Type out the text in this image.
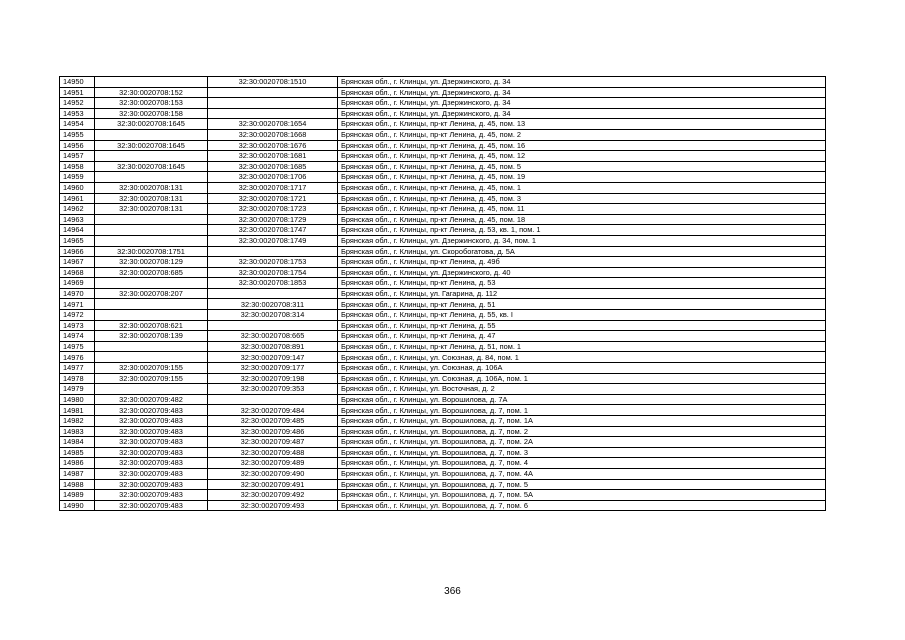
14950		32:30:0020708:1510	Брянская обл., г. Клинцы, ул. Дзержинского, д. 34
14951	32:30:0020708:152		Брянская обл., г. Клинцы, ул. Дзержинского, д. 34
14952	32:30:0020708:153		Брянская обл., г. Клинцы, ул. Дзержинского, д. 34
14953	32:30:0020708:158		Брянская обл., г. Клинцы, ул. Дзержинского, д. 34
14954	32:30:0020708:1645	32:30:0020708:1654	Брянская обл., г. Клинцы, пр-кт Ленина, д. 45, пом. 13
14955		32:30:0020708:1668	Брянская обл., г. Клинцы, пр-кт Ленина, д. 45, пом. 2
14956	32:30:0020708:1645	32:30:0020708:1676	Брянская обл., г. Клинцы, пр-кт Ленина, д. 45, пом. 16
14957		32:30:0020708:1681	Брянская обл., г. Клинцы, пр-кт Ленина, д. 45, пом. 12
14958	32:30:0020708:1645	32:30:0020708:1685	Брянская обл., г. Клинцы, пр-кт Ленина, д. 45, пом. 5
14959		32:30:0020708:1706	Брянская обл., г. Клинцы, пр-кт Ленина, д. 45, пом. 19
14960	32:30:0020708:131	32:30:0020708:1717	Брянская обл., г. Клинцы, пр-кт Ленина, д. 45, пом. 1
14961	32:30:0020708:131	32:30:0020708:1721	Брянская обл., г. Клинцы, пр-кт Ленина, д. 45, пом. 3
14962	32:30:0020708:131	32:30:0020708:1723	Брянская обл., г. Клинцы, пр-кт Ленина, д. 45, пом. 11
14963		32:30:0020708:1729	Брянская обл., г. Клинцы, пр-кт Ленина, д. 45, пом. 18
14964		32:30:0020708:1747	Брянская обл., г. Клинцы, пр-кт Ленина, д. 53, кв. 1, пом. 1
14965		32:30:0020708:1749	Брянская обл., г. Клинцы, ул. Дзержинского, д. 34, пом. 1
14966	32:30:0020708:1751		Брянская обл., г. Клинцы, ул. Скоробогатова, д. 5А
14967	32:30:0020708:129	32:30:0020708:1753	Брянская обл., г. Клинцы, пр-кт Ленина, д. 49б
14968	32:30:0020708:685	32:30:0020708:1754	Брянская обл., г. Клинцы, ул. Дзержинского, д. 40
14969		32:30:0020708:1853	Брянская обл., г. Клинцы, пр-кт Ленина, д. 53
14970	32:30:0020708:207		Брянская обл., г. Клинцы, ул. Гагарина, д. 112
14971		32:30:0020708:311	Брянская обл., г. Клинцы, пр-кт Ленина, д. 51
14972		32:30:0020708:314	Брянская обл., г. Клинцы, пр-кт Ленина, д. 55, кв. I
14973	32:30:0020708:621		Брянская обл., г. Клинцы, пр-кт Ленина, д. 55
14974	32:30:0020708:139	32:30:0020708:665	Брянская обл., г. Клинцы, пр-кт Ленина, д. 47
14975		32:30:0020708:891	Брянская обл., г. Клинцы, пр-кт Ленина, д. 51, пом. 1
14976		32:30:0020709:147	Брянская обл., г. Клинцы, ул. Союзная, д. 84, пом. 1
14977	32:30:0020709:155	32:30:0020709:177	Брянская обл., г. Клинцы, ул. Союзная, д. 106А
14978	32:30:0020709:155	32:30:0020709:198	Брянская обл., г. Клинцы, ул. Союзная, д. 106А, пом. 1
14979		32:30:0020709:353	Брянская обл., г. Клинцы, ул. Восточная, д. 2
14980	32:30:0020709:482		Брянская обл., г. Клинцы, ул. Ворошилова, д. 7А
14981	32:30:0020709:483	32:30:0020709:484	Брянская обл., г. Клинцы, ул. Ворошилова, д. 7, пом. 1
14982	32:30:0020709:483	32:30:0020709:485	Брянская обл., г. Клинцы, ул. Ворошилова, д. 7, пом. 1А
14983	32:30:0020709:483	32:30:0020709:486	Брянская обл., г. Клинцы, ул. Ворошилова, д. 7, пом. 2
14984	32:30:0020709:483	32:30:0020709:487	Брянская обл., г. Клинцы, ул. Ворошилова, д. 7, пом. 2А
14985	32:30:0020709:483	32:30:0020709:488	Брянская обл., г. Клинцы, ул. Ворошилова, д. 7, пом. 3
14986	32:30:0020709:483	32:30:0020709:489	Брянская обл., г. Клинцы, ул. Ворошилова, д. 7, пом. 4
14987	32:30:0020709:483	32:30:0020709:490	Брянская обл., г. Клинцы, ул. Ворошилова, д. 7, пом. 4А
14988	32:30:0020709:483	32:30:0020709:491	Брянская обл., г. Клинцы, ул. Ворошилова, д. 7, пом. 5
14989	32:30:0020709:483	32:30:0020709:492	Брянская обл., г. Клинцы, ул. Ворошилова, д. 7, пом. 5А
14990	32:30:0020709:483	32:30:0020709:493	Брянская обл., г. Клинцы, ул. Ворошилова, д. 7, пом. 6
366
